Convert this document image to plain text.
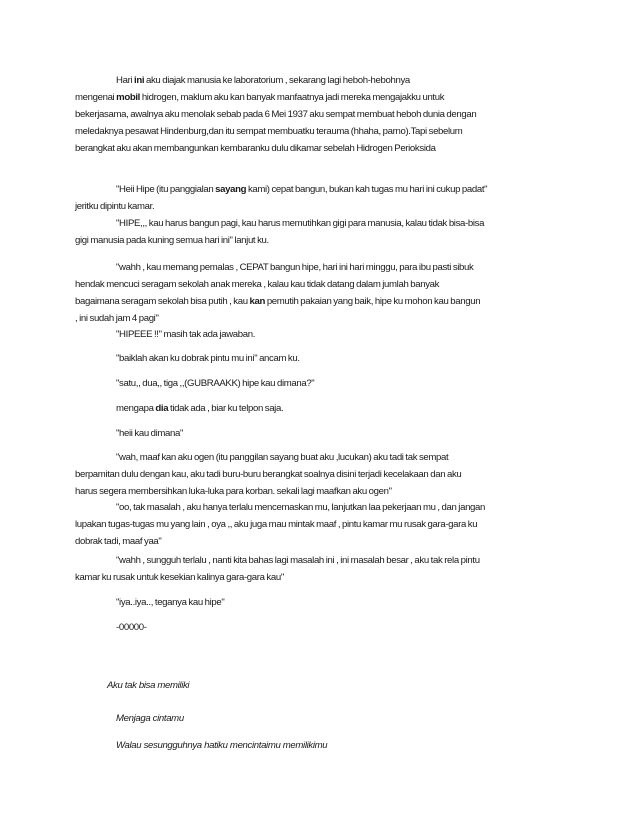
Hari ini aku diajak manusia ke laboratorium , sekarang lagi heboh-hebohnya
mengenai mobil hidrogen, maklum aku kan banyak manfaatnya jadi mereka mengajakku untuk
bekerjasama, awalnya aku menolak sebab pada 6 Mei 1937 aku sempat membuat heboh dunia dengan
meledaknya pesawat Hindenburg,dan itu sempat membuatku terauma (hhaha, parno).Tapi sebelum
berangkat aku akan membangunkan kembaranku dulu dikamar sebelah Hidrogen Perioksida
"Heii Hipe (itu panggialan sayang kami) cepat bangun, bukan kah tugas mu hari ini cukup padat"
jeritku dipintu kamar.
"HIPE,,, kau harus bangun pagi, kau harus memutihkan gigi para manusia, kalau tidak bisa-bisa
gigi manusia pada kuning semua hari ini" lanjut ku.
"wahh , kau memang pemalas , CEPAT bangun hipe, hari ini hari minggu, para ibu pasti sibuk
hendak mencuci seragam sekolah anak mereka , kalau kau tidak datang dalam jumlah banyak
bagaimana seragam sekolah bisa putih , kau kan pemutih pakaian yang baik, hipe ku mohon kau bangun
, ini sudah jam 4 pagi"
"HIPEEE !!" masih tak ada jawaban.
"baiklah akan ku dobrak pintu mu ini" ancam ku.
"satu,, dua,, tiga ,,(GUBRAAKK) hipe kau dimana?"
mengapa dia tidak ada , biar ku telpon saja.
"heii kau dimana"
"wah, maaf kan aku ogen (itu panggilan sayang buat aku ,lucukan) aku tadi tak sempat
berpamitan dulu dengan kau, aku tadi buru-buru berangkat soalnya disini terjadi kecelakaan dan aku
harus segera membersihkan luka-luka para korban. sekali lagi maafkan aku ogen"
"oo, tak masalah , aku hanya terlalu mencemaskan mu, lanjutkan laa pekerjaan mu , dan jangan
lupakan tugas-tugas mu yang lain , oya ,, aku juga mau mintak maaf , pintu kamar mu rusak gara-gara ku
dobrak tadi, maaf yaa"
"wahh , sungguh terlalu , nanti kita bahas lagi masalah ini , ini masalah besar , aku tak rela pintu
kamar ku rusak untuk kesekian kalinya gara-gara kau"
"iya..iya.., teganya kau hipe"
-00000-
Aku tak bisa memiliki
Menjaga cintamu
Walau sesungguhnya hatiku mencintaimu memilikimu
